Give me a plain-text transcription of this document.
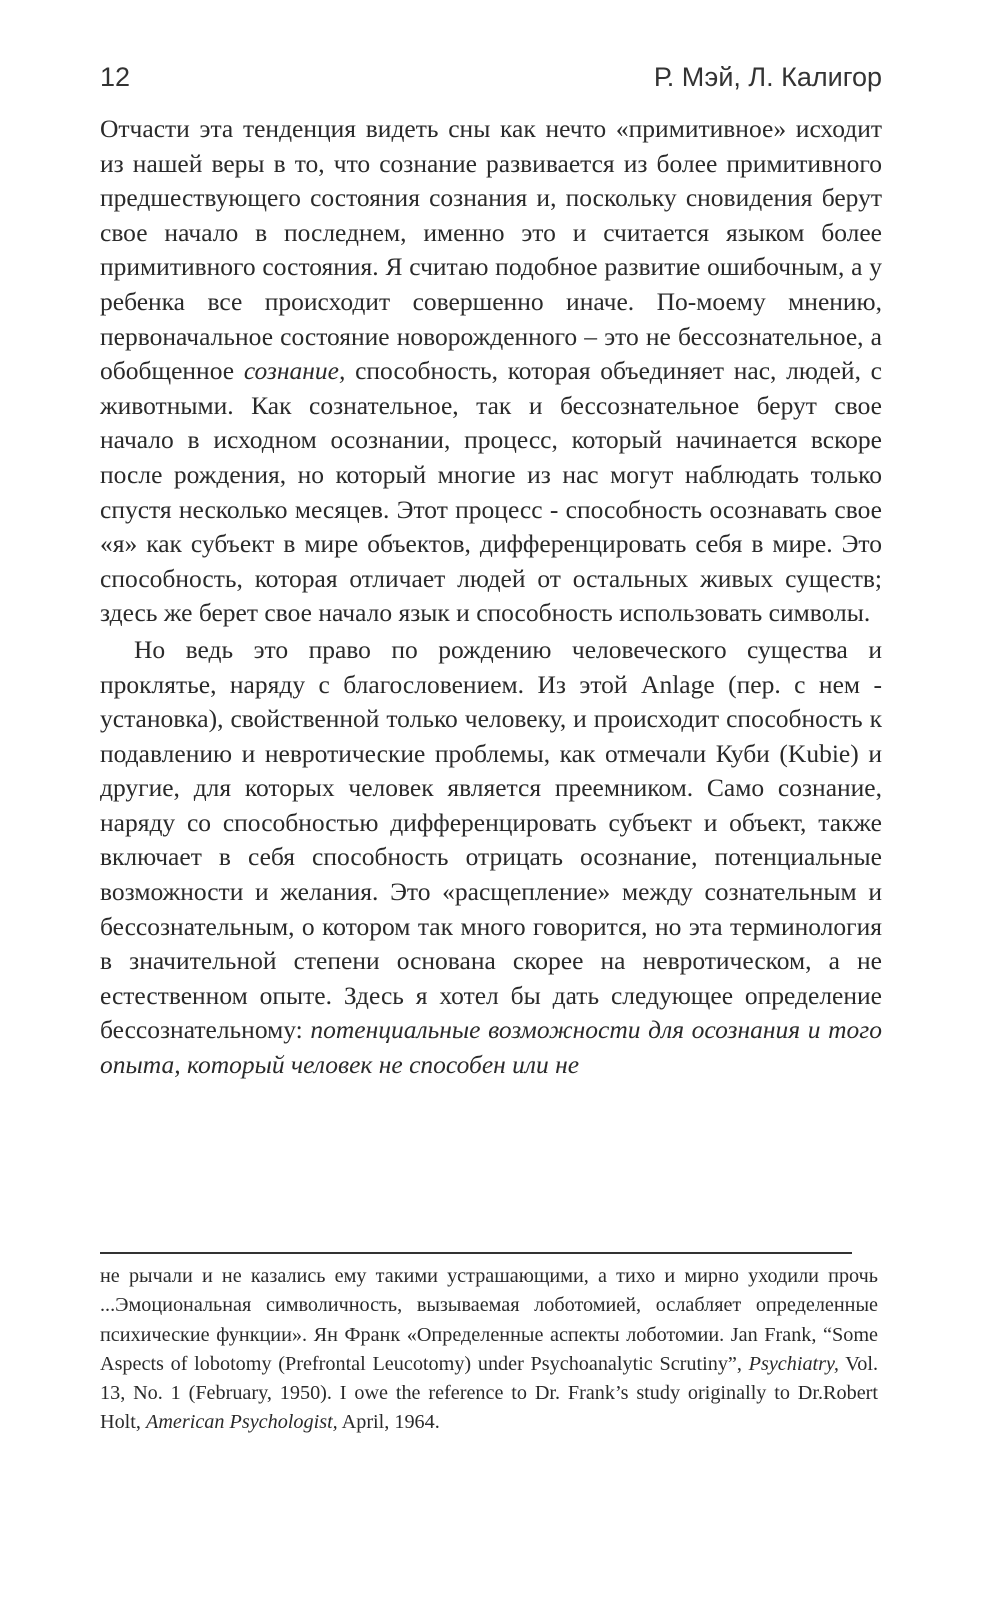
12	Р. Мэй, Л. Калигор

Отчасти эта тенденция видеть сны как нечто «примитивное» исходит из нашей веры в то, что сознание развивается из более примитивного предшествующего состояния сознания и, поскольку сновидения берут свое начало в последнем, именно это и считается языком более примитивного состояния. Я считаю подобное развитие ошибочным, а у ребенка все происходит совершенно иначе. По-моему мнению, первоначальное состояние новорожденного – это не бессознательное, а обобщенное сознание, способность, которая объединяет нас, людей, с животными. Как сознательное, так и бессознательное берут свое начало в исходном осознании, процесс, который начинается вскоре после рождения, но который многие из нас могут наблюдать только спустя несколько месяцев. Этот процесс - способность осознавать свое «я» как субъект в мире объектов, дифференцировать себя в мире. Это способность, которая отличает людей от остальных живых существ; здесь же берет свое начало язык и способность использовать символы.

Но ведь это право по рождению человеческого существа и проклятье, наряду с благословением. Из этой Anlage (пер. с нем - установка), свойственной только человеку, и происходит способность к подавлению и невротические проблемы, как отмечали Куби (Kubie) и другие, для которых человек является преемником. Само сознание, наряду со способностью дифференцировать субъект и объект, также включает в себя способность отрицать осознание, потенциальные возможности и желания. Это «расщепление» между сознательным и бессознательным, о котором так много говорится, но эта терминология в значительной степени основана скорее на невротическом, а не естественном опыте. Здесь я хотел бы дать следующее определение бессознательному: потенциальные возможности для осознания и того опыта, который человек не способен или не

не рычали и не казались ему такими устрашающими, а тихо и мирно уходили прочь ...Эмоциональная символичность, вызываемая лоботомией, ослабляет определенные психические функции». Ян Франк «Определенные аспекты лоботомии. Jan Frank, “Some Aspects of lobotomy (Prefrontal Leucotomy) under Psychoanalytic Scrutiny”, Psychiatry, Vol. 13, No. 1 (February, 1950). I owe the reference to Dr. Frank’s study originally to Dr.Robert Holt, American Psychologist, April, 1964.
